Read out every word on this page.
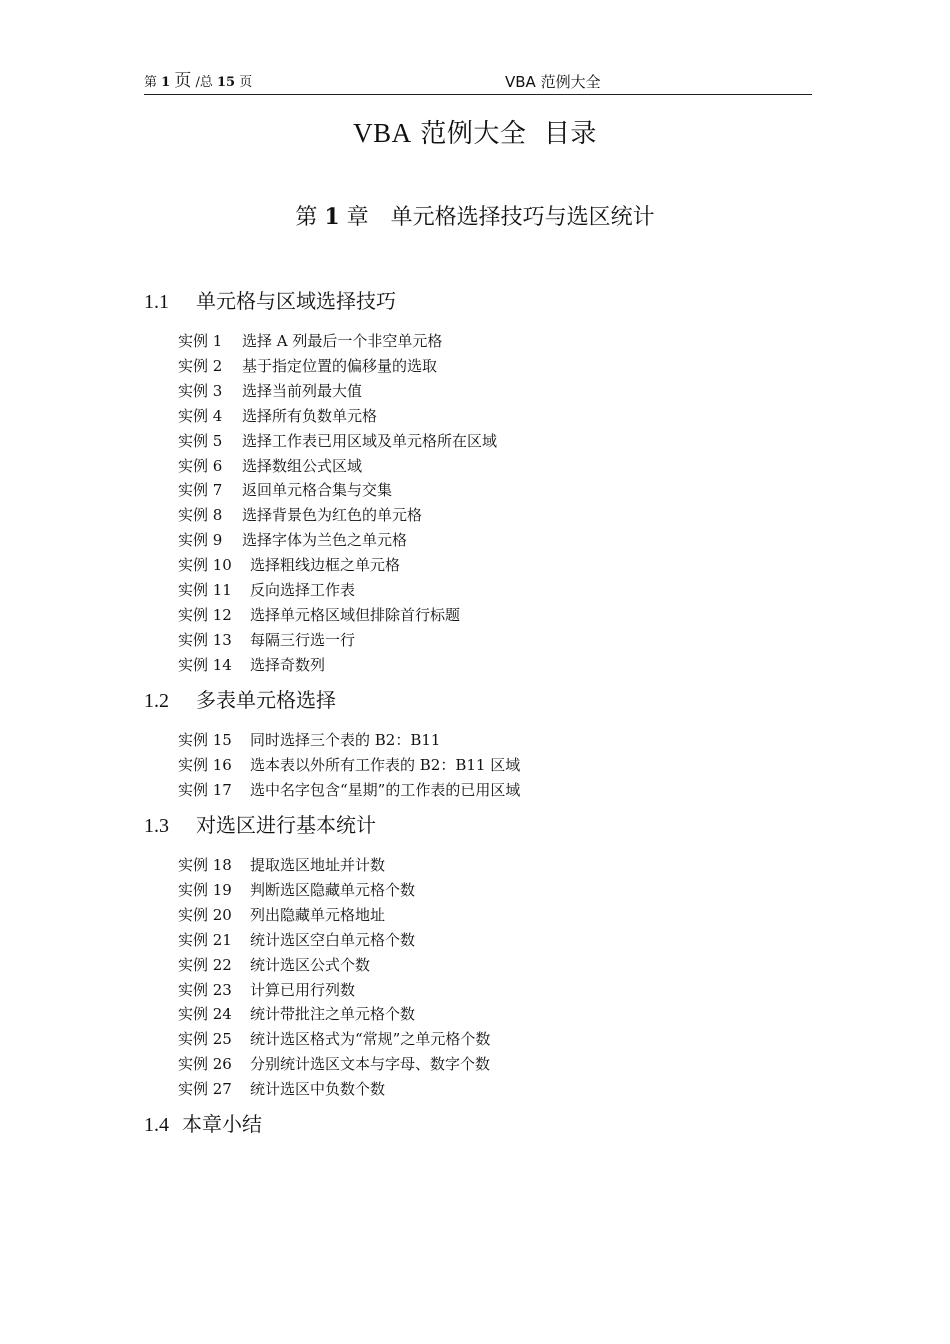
第 1 页 /总 15 页	VBA 范例大全
VBA 范例大全  目录
第 1 章 单元格选择技巧与选区统计
1.1 单元格与区域选择技巧
实例 1 选择 A 列最后一个非空单元格
实例 2 基于指定位置的偏移量的选取
实例 3 选择当前列最大值
实例 4 选择所有负数单元格
实例 5 选择工作表已用区域及单元格所在区域
实例 6 选择数组公式区域
实例 7 返回单元格合集与交集
实例 8 选择背景色为红色的单元格
实例 9 选择字体为兰色之单元格
实例 10 选择粗线边框之单元格
实例 11 反向选择工作表
实例 12 选择单元格区域但排除首行标题
实例 13 每隔三行选一行
实例 14 选择奇数列
1.2 多表单元格选择
实例 15 同时选择三个表的 B2：B11
实例 16 选本表以外所有工作表的 B2：B11 区域
实例 17 选中名字包含“星期”的工作表的已用区域
1.3 对选区进行基本统计
实例 18 提取选区地址并计数
实例 19 判断选区隐藏单元格个数
实例 20 列出隐藏单元格地址
实例 21 统计选区空白单元格个数
实例 22 统计选区公式个数
实例 23 计算已用行列数
实例 24 统计带批注之单元格个数
实例 25 统计选区格式为“常规”之单元格个数
实例 26 分别统计选区文本与字母、数字个数
实例 27 统计选区中负数个数
1.4 本章小结
